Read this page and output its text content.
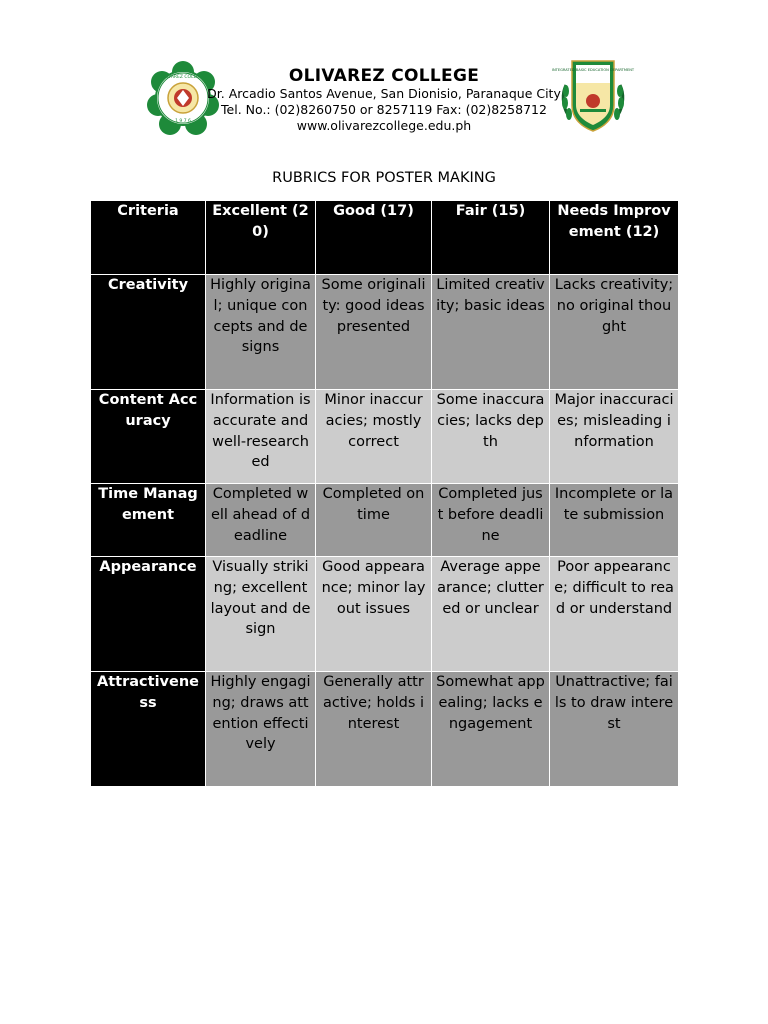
OLIVAREZ COLLEGE
1 9 7 6
OLIVAREZ COLLEGE
Dr. Arcadio Santos Avenue, San Dionisio, Paranaque City
Tel. No.: (02)8260750 or 8257119 Fax: (02)8258712
www.olivarezcollege.edu.ph
INTEGRATED BASIC EDUCATION DEPARTMENT
RUBRICS FOR POSTER MAKING
Criteria	Excellent (20)	Good (17)	Fair (15)	Needs Improvement (12)
Creativity	Highly original; unique concepts and designs	Some originality: good ideas presented	Limited creativity; basic ideas	Lacks creativity; no original thought
Content Accuracy	Information is accurate and well-researched	Minor inaccuracies; mostly correct	Some inaccuracies; lacks depth	Major inaccuracies; misleading information
Time Management	Completed well ahead of deadline	Completed on time	Completed just before deadline	Incomplete or late submission
Appearance	Visually striking; excellent layout and design	Good appearance; minor layout issues	Average appearance; cluttered or unclear	Poor appearance; difficult to read or understand
Attractiveness	Highly engaging; draws attention effectively	Generally attractive; holds interest	Somewhat appealing; lacks engagement	Unattractive; fails to draw interest
